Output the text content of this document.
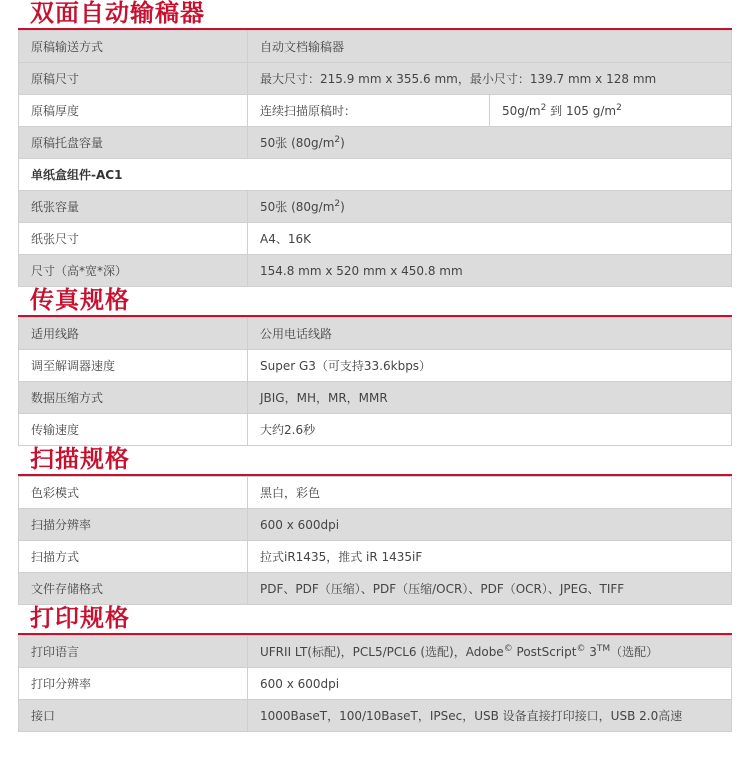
双面自动输稿器
原稿输送方式	自动文档输稿器	
原稿尺寸	最大尺寸：215.9 mm x 355.6 mm，最小尺寸：139.7 mm x 128 mm	
原稿厚度	连续扫描原稿时：	$50g/m^2$ 到 105 $g/m^2$
原稿托盘容量	50张 $(80g/m^2)$	
单纸盒组件-AC1		
纸张容量	50张 $(80g/m^2)$	
纸张尺寸	A4、16K	
尺寸（高*宽*深）	154.8 mm x 520 mm x 450.8 mm	
传真规格
适用线路	公用电话线路
调至解调器速度	Super G3（可支持33.6kbps）
数据压缩方式	JBIG，MH，MR，MMR
传输速度	大约2.6秒
扫描规格
色彩模式	黑白，彩色
扫描分辨率	600 x 600dpi
扫描方式	拉式iR1435，推式 iR 1435iF
文件存储格式	PDF、PDF（压缩）、PDF（压缩/OCR）、PDF（OCR）、JPEG、TIFF
打印规格
打印语言	UFRII LT(标配)，PCL5/PCL6 (选配)，Adobe© PostScript© 3™（选配）
打印分辨率	600 x 600dpi
接口	1000BaseT，100/10BaseT，IPSec，USB 设备直接打印接口，USB 2.0高速
